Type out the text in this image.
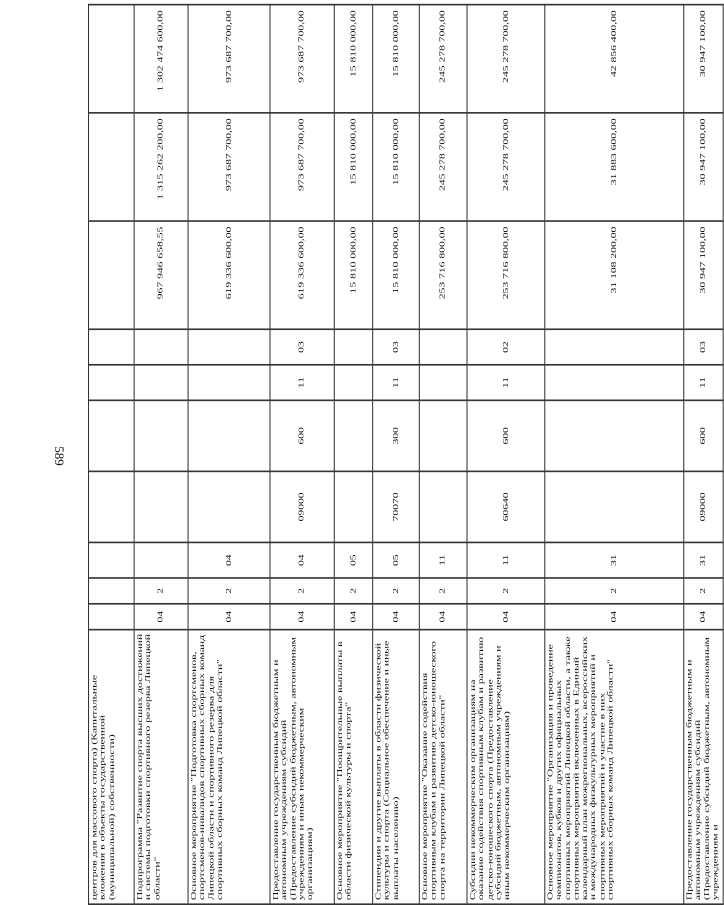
589
центров для массового спорта) (Капитальные вложения в объекты государственной (муниципальной) собственности)										
Подпрограмма "Развитие спорта высших достижений и системы подготовки спортивного резерва Липецкой области"	04	2						967 946 658,55	1 315 262 200,00	1 302 474 600,00
Основное мероприятие "Подготовка спортсменов, спортсменов-инвалидов спортивных сборных команд Липецкой области и спортивного резерва для спортивных сборных команд Липецкой области"	04	2	04					619 336 600,00	973 687 700,00	973 687 700,00
Предоставление государственным бюджетным и автономным учреждениям субсидий (Предоставление субсидий бюджетным, автономным учреждениям и иным некоммерческим организациям)	04	2	04	09000	600	11	03	619 336 600,00	973 687 700,00	973 687 700,00
Основное мероприятие "Поощрительные выплаты в области физической культуры и спорта"	04	2	05					15 810 000,00	15 810 000,00	15 810 000,00
Стипендии и другие выплаты в области физической культуры и спорта (Социальное обеспечение и иные выплаты населению)	04	2	05	70070	300	11	03	15 810 000,00	15 810 000,00	15 810 000,00
Основное мероприятие "Оказание содействия спортивным клубам и развитию детско-юношеского спорта на территории Липецкой области"	04	2	11					253 716 800,00	245 278 700,00	245 278 700,00
Субсидии некоммерческим организациям на оказание содействия спортивным клубам и развитию детско-юношеского спорта (Предоставление субсидий бюджетным, автономным учреждениям и иным некоммерческим организациям)	04	2	11	60640	600	11	02	253 716 800,00	245 278 700,00	245 278 700,00
Основное мероприятие "Организация и проведение чемпионатов, кубков и других официальных спортивных мероприятий Липецкой области, а также спортивных мероприятий включенных в Единый календарный план межрегиональных, всероссийских и международных физкультурных мероприятий и спортивных мероприятий и участие в них спортивных сборных команд Липецкой области"	04	2	31					31 108 200,00	31 883 600,00	42 856 400,00
Предоставление государственным бюджетным и автономным учреждениям субсидий (Предоставление субсидий бюджетным, автономным учреждениям и	04	2	31	09000	600	11	03	30 947 100,00	30 947 100,00	30 947 100,00
